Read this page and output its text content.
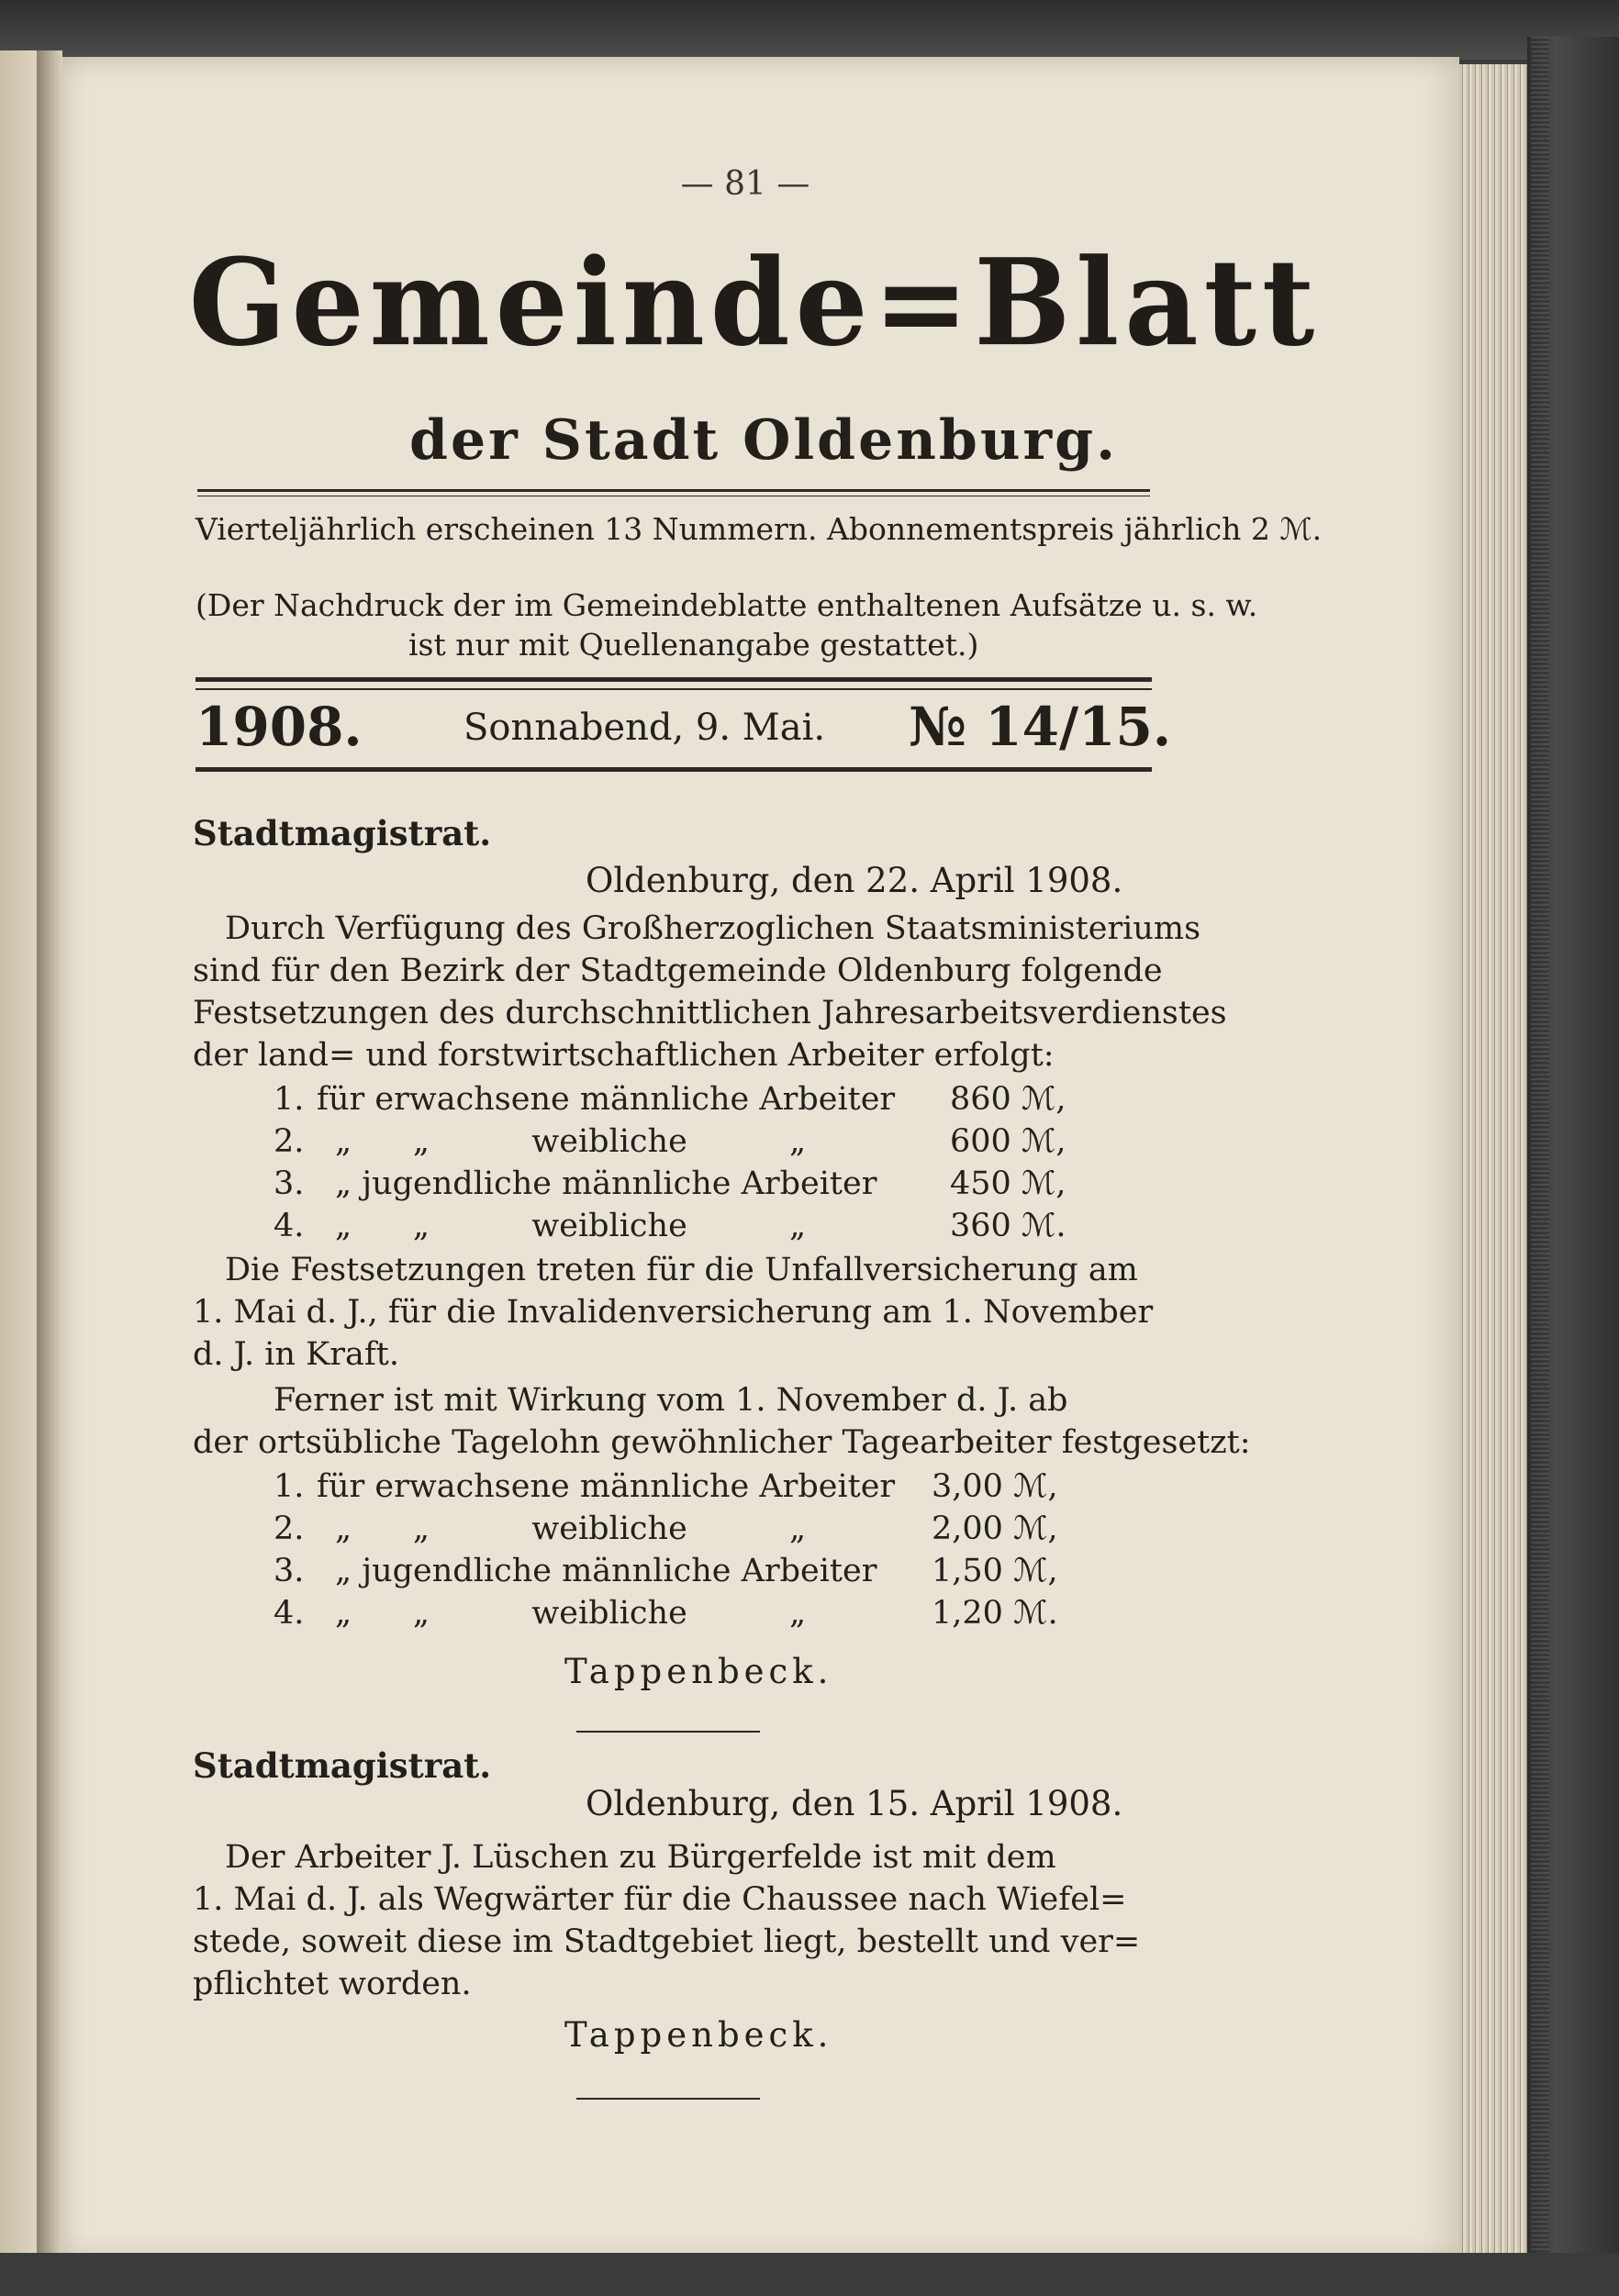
— 81 —
Gemeinde=Blatt
der Stadt Oldenburg.
Vierteljährlich erscheinen 13 Nummern. Abonnementspreis jährlich 2 ℳ.
(Der Nachdruck der im Gemeindeblatte enthaltenen Aufsätze u. s. w.
ist nur mit Quellenangabe gestattet.)
1908.	Sonnabend, 9. Mai. № 14/15.
Stadtmagistrat.
Oldenburg, den 22. April 1908.
Durch Verfügung des Großherzoglichen Staatsministeriums
sind für den Bezirk der Stadtgemeinde Oldenburg folgende
Festsetzungen des durchschnittlichen Jahresarbeitsverdienstes
der land= und forstwirtschaftlichen Arbeiter erfolgt:
1. für erwachsene männliche Arbeiter 860 ℳ,
2. „      „          weibliche          „	600 ℳ,
3. „ jugendliche männliche Arbeiter 450 ℳ,
4. „      „          weibliche          „	360 ℳ.
Die Festsetzungen treten für die Unfallversicherung am
1. Mai d. J., für die Invalidenversicherung am 1. November
d. J. in Kraft.
Ferner ist mit Wirkung vom 1. November d. J. ab
der ortsübliche Tagelohn gewöhnlicher Tagearbeiter festgesetzt:
1. für erwachsene männliche Arbeiter 3,00 ℳ,
2. „      „          weibliche          „	2,00 ℳ,
3. „ jugendliche männliche Arbeiter 1,50 ℳ,
4. „      „          weibliche          „	1,20 ℳ.
Tappenbeck.
Stadtmagistrat.
Oldenburg, den 15. April 1908.
Der Arbeiter J. Lüschen zu Bürgerfelde ist mit dem
1. Mai d. J. als Wegwärter für die Chaussee nach Wiefel=
stede, soweit diese im Stadtgebiet liegt, bestellt und ver=
pflichtet worden.
Tappenbeck.
